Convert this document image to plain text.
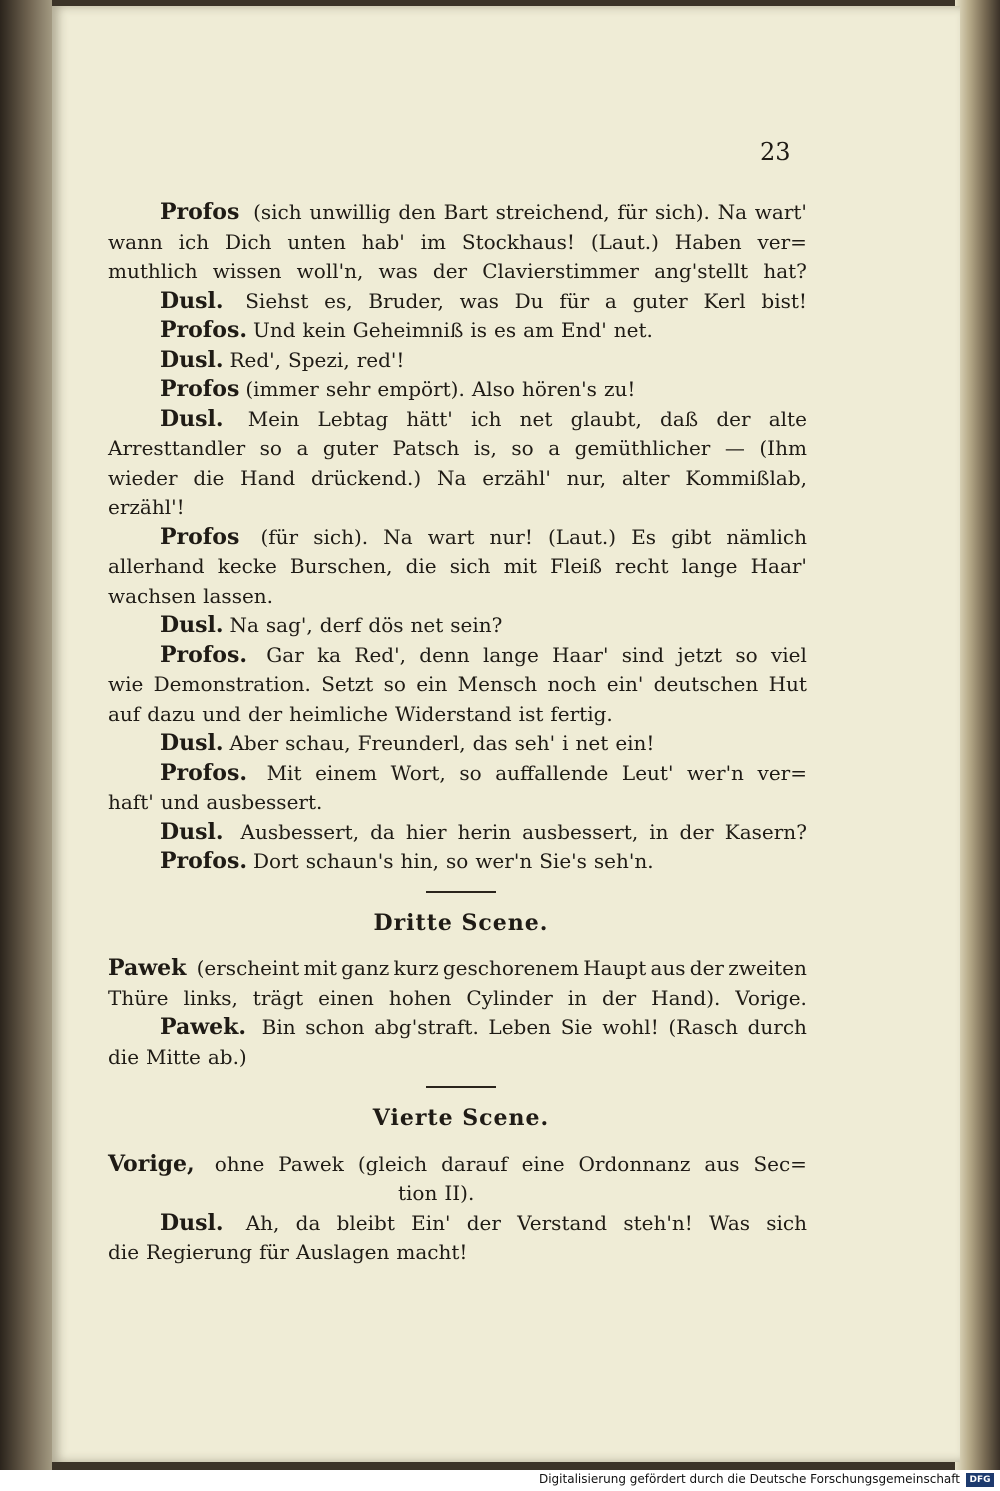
23
Profos (sich unwillig den Bart streichend, für sich). Na wart'
wann ich Dich unten hab' im Stockhaus! (Laut.) Haben ver=
muthlich wissen woll'n, was der Clavierstimmer ang'stellt hat?
Dusl. Siehst es, Bruder, was Du für a guter Kerl bist!
Profos. Und kein Geheimniß is es am End' net.
Dusl. Red', Spezi, red'!
Profos (immer sehr empört). Also hören's zu!
Dusl. Mein Lebtag hätt' ich net glaubt, daß der alte
Arresttandler so a guter Patsch is, so a gemüthlicher — (Ihm
wieder die Hand drückend.) Na erzähl' nur, alter Kommißlab,
erzähl'!
Profos (für sich). Na wart nur! (Laut.) Es gibt nämlich
allerhand kecke Burschen, die sich mit Fleiß recht lange Haar'
wachsen lassen.
Dusl. Na sag', derf dös net sein?
Profos. Gar ka Red', denn lange Haar' sind jetzt so viel
wie Demonstration. Setzt so ein Mensch noch ein' deutschen Hut
auf dazu und der heimliche Widerstand ist fertig.
Dusl. Aber schau, Freunderl, das seh' i net ein!
Profos. Mit einem Wort, so auffallende Leut' wer'n ver=
haft' und ausbessert.
Dusl. Ausbessert, da hier herin ausbessert, in der Kasern?
Profos. Dort schaun's hin, so wer'n Sie's seh'n.
Dritte Scene.
Pawek (erscheint mit ganz kurz geschorenem Haupt aus der zweiten
Thüre links, trägt einen hohen Cylinder in der Hand). Vorige.
Pawek. Bin schon abg'straft. Leben Sie wohl! (Rasch durch
die Mitte ab.)
Vierte Scene.
Vorige, ohne Pawek (gleich darauf eine Ordonnanz aus Sec=
tion II).
Dusl. Ah, da bleibt Ein' der Verstand steh'n! Was sich
die Regierung für Auslagen macht!
Digitalisierung gefördert durch die Deutsche Forschungsgemeinschaft	DFG
